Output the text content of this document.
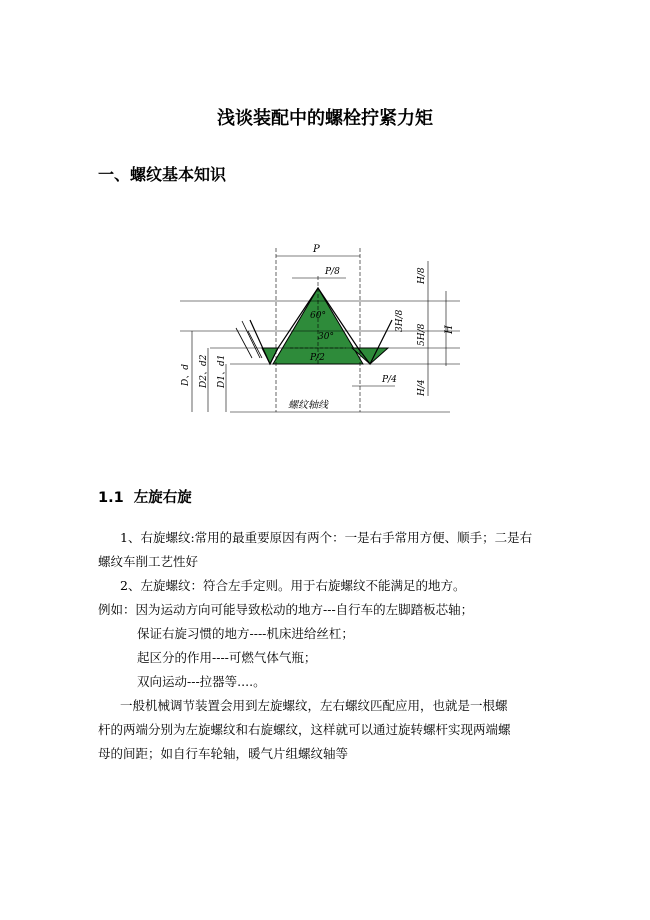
浅谈装配中的螺栓拧紧力矩
一、螺纹基本知识
P
P/8
60°
30°
P/2
P/4
H/8
3H/8
5H/8 H
H/4
D、d D2、d2 D1、d1
螺纹轴线
1.1 左旋右旋
1、右旋螺纹:常用的最重要原因有两个：一是右手常用方便、顺手；二是右
螺纹车削工艺性好
2、左旋螺纹：符合左手定则。用于右旋螺纹不能满足的地方。
例如：因为运动方向可能导致松动的地方---自行车的左脚踏板芯轴；
保证右旋习惯的地方----机床进给丝杠；
起区分的作用----可燃气体气瓶；
双向运动---拉器等....。
一般机械调节装置会用到左旋螺纹，左右螺纹匹配应用，也就是一根螺
杆的两端分别为左旋螺纹和右旋螺纹，这样就可以通过旋转螺杆实现两端螺
母的间距；如自行车轮轴，暖气片组螺纹轴等
